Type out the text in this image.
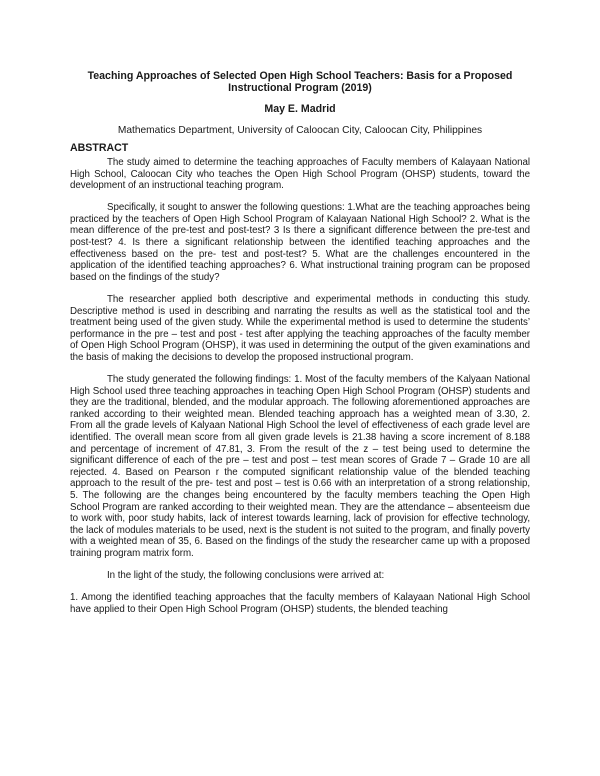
Teaching Approaches of Selected Open High School Teachers: Basis for a Proposed Instructional Program (2019)

May E. Madrid

Mathematics Department, University of Caloocan City, Caloocan City, Philippines

ABSTRACT

The study aimed to determine the teaching approaches of Faculty members of Kalayaan National High School, Caloocan City who teaches the Open High School Program (OHSP) students, toward the development of an instructional teaching program.

Specifically, it sought to answer the following questions: 1.What are the teaching approaches being practiced by the teachers of Open High School Program of Kalayaan National High School? 2. What is the mean difference of the pre-test and post-test? 3 Is there a significant difference between the pre-test and post-test? 4. Is there a significant relationship between the identified teaching approaches and the effectiveness based on the pre- test and post-test? 5. What are the challenges encountered in the application of the identified teaching approaches? 6. What instructional training program can be proposed based on the findings of the study?

The researcher applied both descriptive and experimental methods in conducting this study. Descriptive method is used in describing and narrating the results as well as the statistical tool and the treatment being used of the given study. While the experimental method is used to determine the students’ performance in the pre – test and post - test after applying the teaching approaches of the faculty member of Open High School Program (OHSP), it was used in determining the output of the given examinations and the basis of making the decisions to develop the proposed instructional program.

The study generated the following findings: 1. Most of the faculty members of the Kalyaan National High School used three teaching approaches in teaching Open High School Program (OHSP) students and they are the traditional, blended, and the modular approach. The following aforementioned approaches are ranked according to their weighted mean. Blended teaching approach has a weighted mean of 3.30, 2. From all the grade levels of Kalyaan National High School the level of effectiveness of each grade level are identified. The overall mean score from all given grade levels is 21.38 having a score increment of 8.188 and percentage of increment of 47.81, 3. From the result of the z – test being used to determine the significant difference of each of the pre – test and post – test mean scores of Grade 7 – Grade 10 are all rejected. 4. Based on Pearson r the computed significant relationship value of the blended teaching approach to the result of the pre- test and post – test is 0.66 with an interpretation of a strong relationship, 5. The following are the changes being encountered by the faculty members teaching the Open High School Program are ranked according to their weighted mean. They are the attendance – absenteeism due to work with, poor study habits, lack of interest towards learning, lack of provision for effective technology, the lack of modules materials to be used, next is the student is not suited to the program, and finally poverty with a weighted mean of 35, 6. Based on the findings of the study the researcher came up with a proposed training program matrix form.

In the light of the study, the following conclusions were arrived at:

1. Among the identified teaching approaches that the faculty members of Kalayaan National High School have applied to their Open High School Program (OHSP) students, the blended teaching
